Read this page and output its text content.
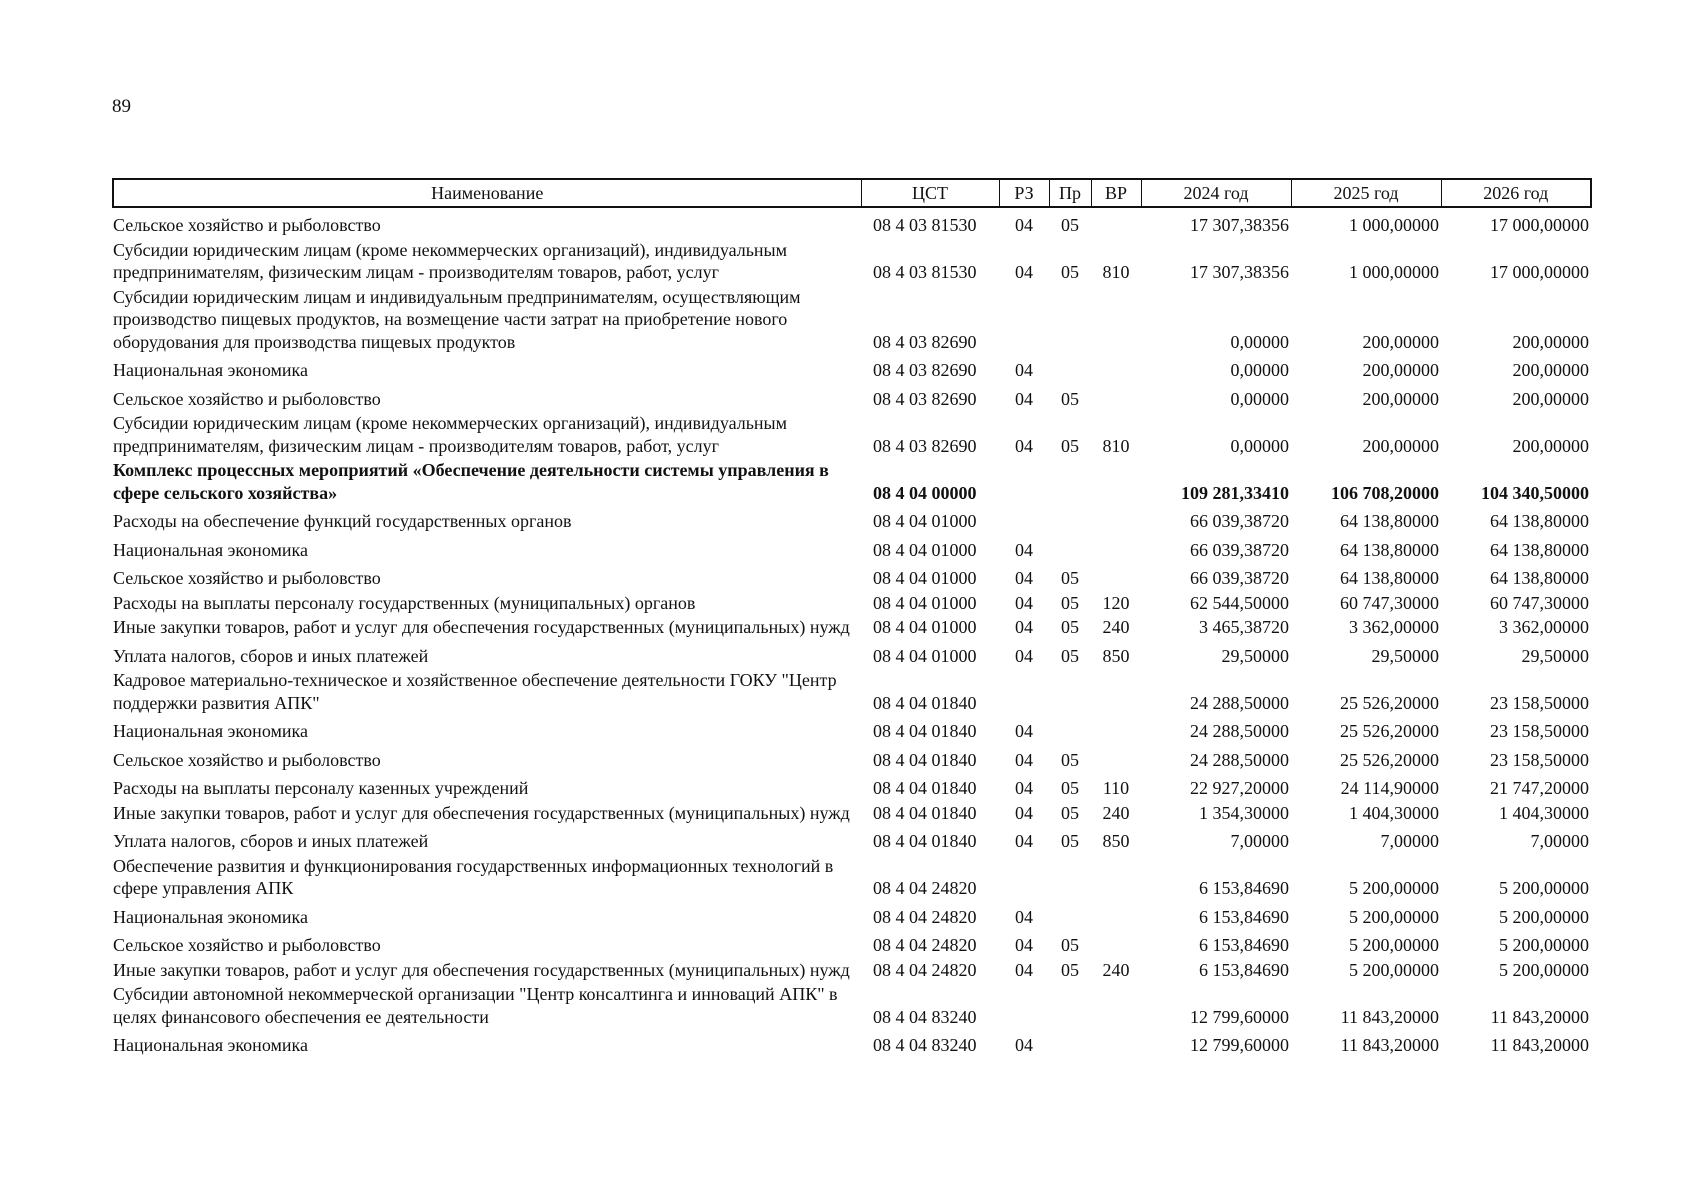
89
Наименование	ЦСТ	РЗ	Пр	ВР	2024 год	2025 год	2026 год
Сельское хозяйство и рыболовство	08 4 03 81530	04	05		17 307,38356	1 000,00000	17 000,00000
Субсидии юридическим лицам (кроме некоммерческих организаций), индивидуальным предпринимателям, физическим лицам - производителям товаров, работ, услуг	08 4 03 81530	04	05	810	17 307,38356	1 000,00000	17 000,00000
Субсидии юридическим лицам и индивидуальным предпринимателям, осуществляющим производство пищевых продуктов, на возмещение части затрат на приобретение нового оборудования для производства пищевых продуктов	08 4 03 82690				0,00000	200,00000	200,00000
Национальная экономика	08 4 03 82690	04			0,00000	200,00000	200,00000
Сельское хозяйство и рыболовство	08 4 03 82690	04	05		0,00000	200,00000	200,00000
Субсидии юридическим лицам (кроме некоммерческих организаций), индивидуальным предпринимателям, физическим лицам - производителям товаров, работ, услуг	08 4 03 82690	04	05	810	0,00000	200,00000	200,00000
Комплекс процессных мероприятий «Обеспечение деятельности системы управления в сфере сельского хозяйства»	08 4 04 00000				109 281,33410	106 708,20000	104 340,50000
Расходы на обеспечение функций государственных органов	08 4 04 01000				66 039,38720	64 138,80000	64 138,80000
Национальная экономика	08 4 04 01000	04			66 039,38720	64 138,80000	64 138,80000
Сельское хозяйство и рыболовство	08 4 04 01000	04	05		66 039,38720	64 138,80000	64 138,80000
Расходы на выплаты персоналу государственных (муниципальных) органов	08 4 04 01000	04	05	120	62 544,50000	60 747,30000	60 747,30000
Иные закупки товаров, работ и услуг для обеспечения государственных (муниципальных) нужд	08 4 04 01000	04	05	240	3 465,38720	3 362,00000	3 362,00000
Уплата налогов, сборов и иных платежей	08 4 04 01000	04	05	850	29,50000	29,50000	29,50000
Кадровое материально-техническое и хозяйственное обеспечение деятельности ГОКУ "Центр поддержки развития АПК"	08 4 04 01840				24 288,50000	25 526,20000	23 158,50000
Национальная экономика	08 4 04 01840	04			24 288,50000	25 526,20000	23 158,50000
Сельское хозяйство и рыболовство	08 4 04 01840	04	05		24 288,50000	25 526,20000	23 158,50000
Расходы на выплаты персоналу казенных учреждений	08 4 04 01840	04	05	110	22 927,20000	24 114,90000	21 747,20000
Иные закупки товаров, работ и услуг для обеспечения государственных (муниципальных) нужд	08 4 04 01840	04	05	240	1 354,30000	1 404,30000	1 404,30000
Уплата налогов, сборов и иных платежей	08 4 04 01840	04	05	850	7,00000	7,00000	7,00000
Обеспечение развития и функционирования государственных информационных технологий в сфере управления АПК	08 4 04 24820				6 153,84690	5 200,00000	5 200,00000
Национальная экономика	08 4 04 24820	04			6 153,84690	5 200,00000	5 200,00000
Сельское хозяйство и рыболовство	08 4 04 24820	04	05		6 153,84690	5 200,00000	5 200,00000
Иные закупки товаров, работ и услуг для обеспечения государственных (муниципальных) нужд	08 4 04 24820	04	05	240	6 153,84690	5 200,00000	5 200,00000
Субсидии автономной некоммерческой организации "Центр консалтинга и инноваций АПК" в целях финансового обеспечения ее деятельности	08 4 04 83240				12 799,60000	11 843,20000	11 843,20000
Национальная экономика	08 4 04 83240	04			12 799,60000	11 843,20000	11 843,20000
